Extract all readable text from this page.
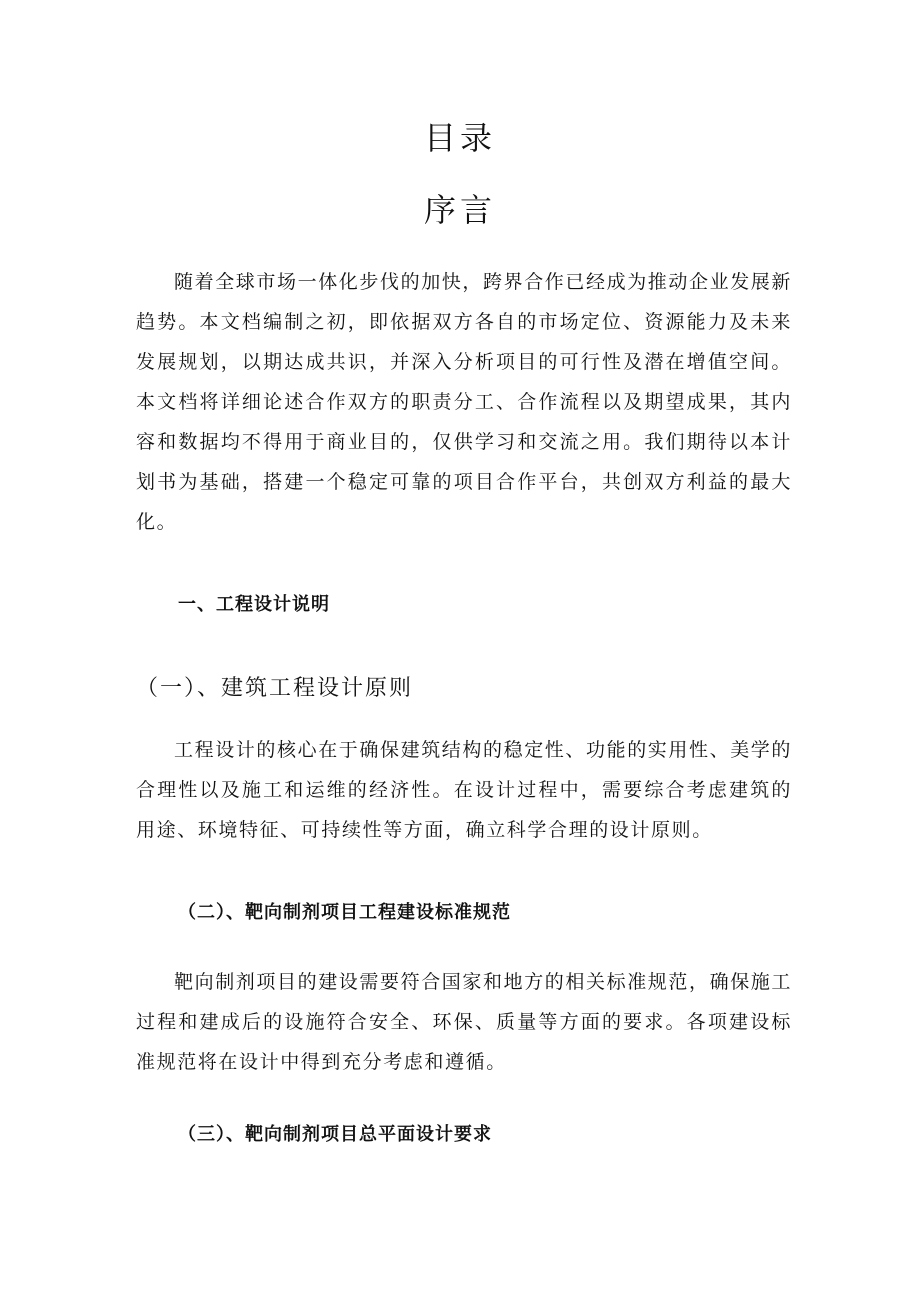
目录
序言

随着全球市场一体化步伐的加快，跨界合作已经成为推动企业发展新趋势。本文档编制之初，即依据双方各自的市场定位、资源能力及未来发展规划，以期达成共识，并深入分析项目的可行性及潜在增值空间。本文档将详细论述合作双方的职责分工、合作流程以及期望成果，其内容和数据均不得用于商业目的，仅供学习和交流之用。我们期待以本计划书为基础，搭建一个稳定可靠的项目合作平台，共创双方利益的最大化。

一、工程设计说明
（一）、建筑工程设计原则

工程设计的核心在于确保建筑结构的稳定性、功能的实用性、美学的合理性以及施工和运维的经济性。在设计过程中，需要综合考虑建筑的用途、环境特征、可持续性等方面，确立科学合理的设计原则。

（二）、靶向制剂项目工程建设标准规范

靶向制剂项目的建设需要符合国家和地方的相关标准规范，确保施工过程和建成后的设施符合安全、环保、质量等方面的要求。各项建设标准规范将在设计中得到充分考虑和遵循。

（三）、靶向制剂项目总平面设计要求
